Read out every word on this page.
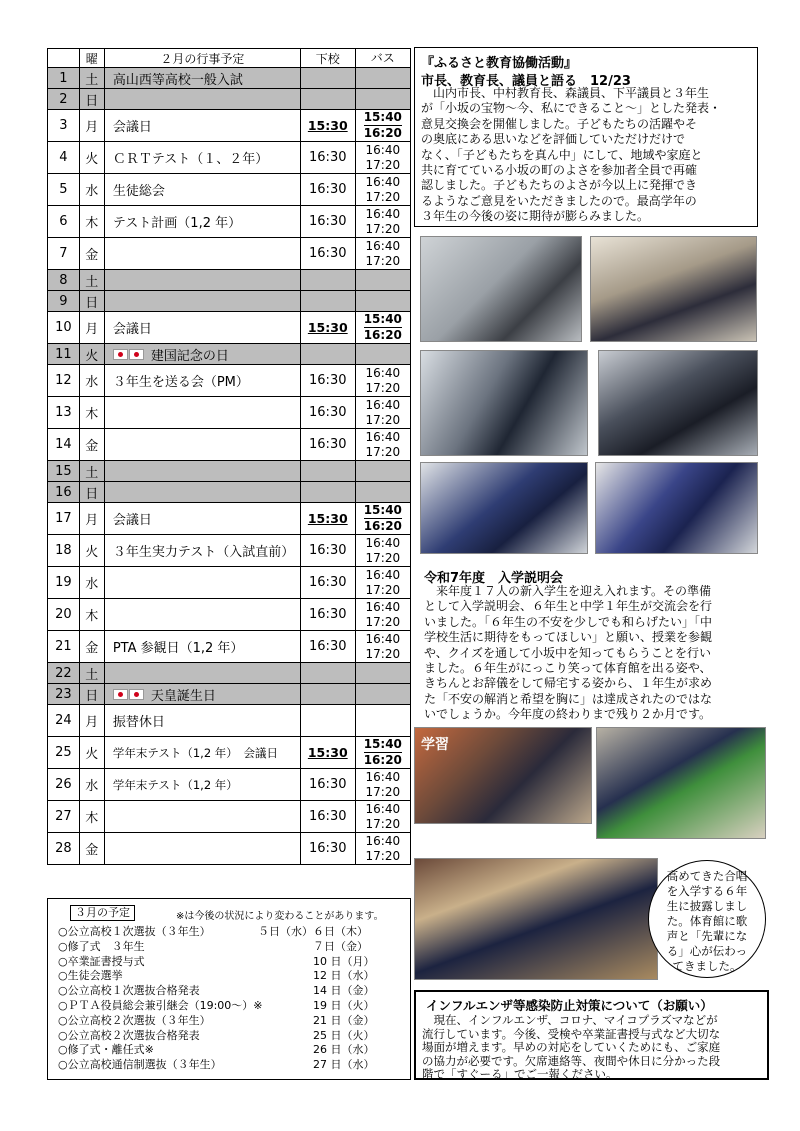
	曜	２月の行事予定	下校	バス
1	土	高山西等高校一般入試		

2	日			

3	月	会議日	15:30	15:40
16:20

4	火	ＣＲＴテスト（１、２年）	16:30	16:40
17:20

5	水	生徒総会	16:30	16:40
17:20

6	木	テスト計画（1,2 年）	16:30	16:40
17:20

7	金		16:30	16:40
17:20

8	土			

9	日			

10	月	会議日	15:30	15:40
16:20

11	火	建国記念の日		

12	水	３年生を送る会（PM）	16:30	16:40
17:20

13	木		16:30	16:40
17:20

14	金		16:30	16:40
17:20

15	土			

16	日			

17	月	会議日	15:30	15:40
16:20

18	火	３年生実力テスト（入試直前）	16:30	16:40
17:20

19	水		16:30	16:40
17:20

20	木		16:30	16:40
17:20

21	金	PTA 参観日（1,2 年）	16:30	16:40
17:20

22	土			

23	日	天皇誕生日		

24	月	振替休日		

25	火	学年末テスト（1,2 年）　会議日	15:30	15:40
16:20

26	水	学年末テスト（1,2 年）	16:30	16:40
17:20

27	木		16:30	16:40
17:20

28	金		16:30	16:40
17:20
３月の予定	※は今後の状況により変わることがあります。
○公立高校１次選抜（３年生）	５日（水）６日（木）
○修了式　３年生	７日（金）
○卒業証書授与式	10 日（月）
○生徒会選挙	12 日（水）
○公立高校１次選抜合格発表	14 日（金）
○ＰＴＡ役員総会兼引継会（19:00～）※	19 日（火）
○公立高校２次選抜（３年生）	21 日（金）
○公立高校２次選抜合格発表	25 日（火）
○修了式・離任式※	26 日（水）
○公立高校通信制選抜（３年生）	27 日（水）
『ふるさと教育協働活動』
市長、教育長、議員と語る　12/23
　山内市長、中村教育長、森議員、下平議員と３年生
が「小坂の宝物～今、私にできること～」とした発表・
意見交換会を開催しました。子どもたちの活躍やそ
の奥底にある思いなどを評価していただけだけで
なく、「子どもたちを真ん中」にして、地域や家庭と
共に育てている小坂の町のよさを参加者全員で再確
認しました。子どもたちのよさが今以上に発揮でき
るようなご意見をいただきましたので。最高学年の
３年生の今後の姿に期待が膨らみました。
令和7年度　入学説明会
　来年度１７人の新入学生を迎え入れます。その準備
として入学説明会、６年生と中学１年生が交流会を行
いました。「６年生の不安を少しでも和らげたい」「中
学校生活に期待をもってほしい」と願い、授業を参観
や、クイズを通して小坂中を知ってもらうことを行い
ました。６年生がにっこり笑って体育館を出る姿や、
きちんとお辞儀をして帰宅する姿から、１年生が求め
た「不安の解消と希望を胸に」は達成されたのではな
いでしょうか。今年度の終わりまで残り２か月です。
学習
高めてきた合唱
を入学する６年
生に披露しまし
た。体育館に歌
声と「先輩にな
る」心が伝わっ
てきました。
インフルエンザ等感染防止対策について（お願い）
　現在、インフルエンザ、コロナ、マイコプラズマなどが
流行しています。今後、受検や卒業証書授与式など大切な
場面が増えます。早めの対応をしていくためにも、ご家庭
の協力が必要です。欠席連絡等、夜間や休日に分かった段
階で「すぐーる」でご一報ください。
